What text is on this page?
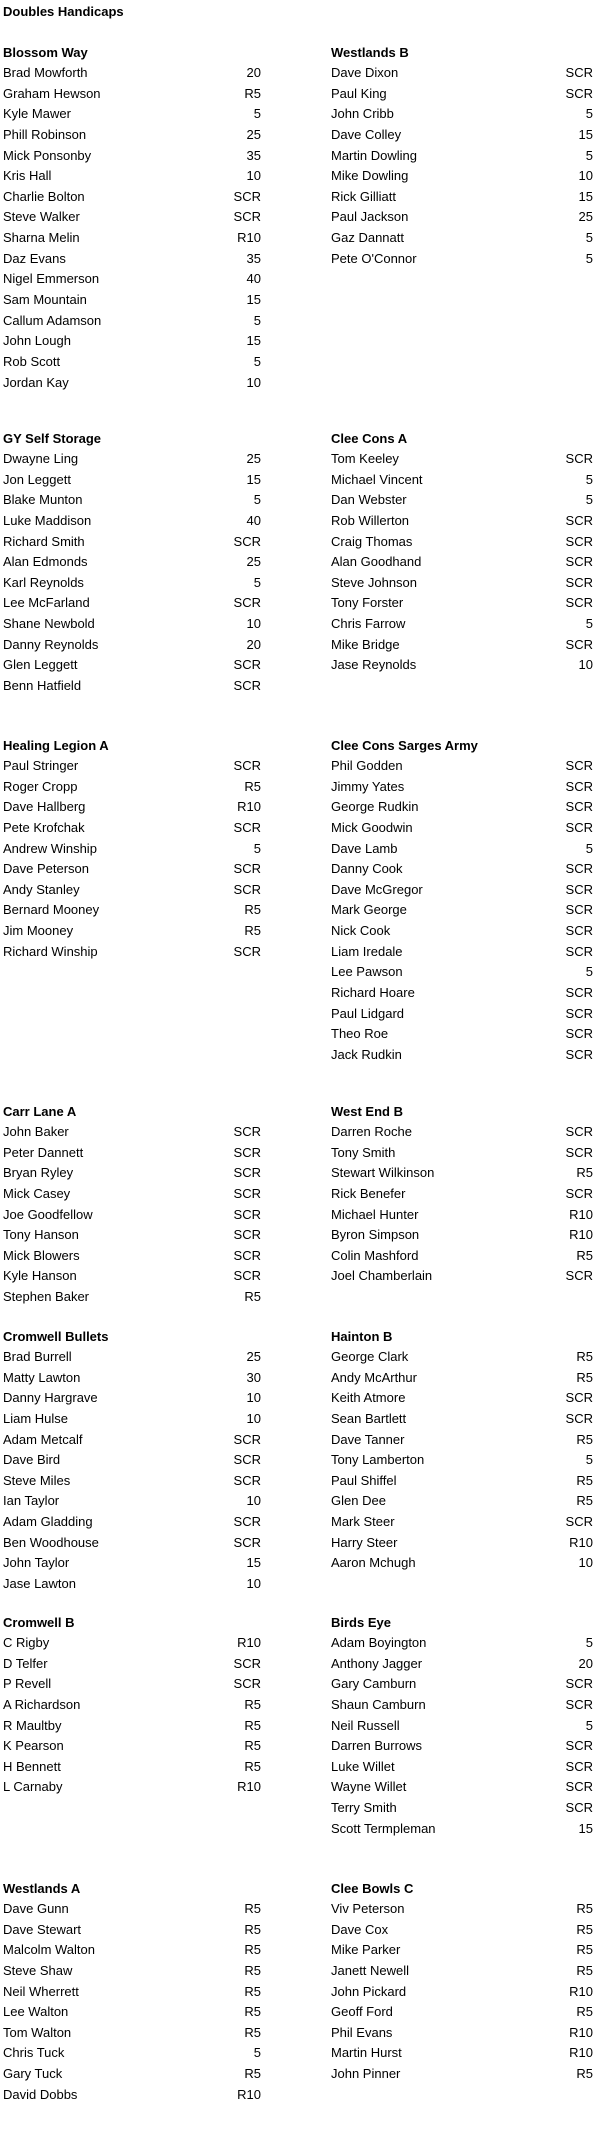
Doubles Handicaps
Blossom Way
Brad Mowforth	20
Graham Hewson	R5
Kyle Mawer	5
Phill Robinson	25
Mick Ponsonby	35
Kris Hall	10
Charlie Bolton	SCR
Steve Walker	SCR
Sharna Melin	R10
Daz Evans	35
Nigel Emmerson	40
Sam Mountain	15
Callum Adamson	5
John Lough	15
Rob Scott	5
Jordan Kay	10
Westlands B
Dave Dixon	SCR
Paul King	SCR
John Cribb	5
Dave Colley	15
Martin Dowling	5
Mike Dowling	10
Rick Gilliatt	15
Paul Jackson	25
Gaz Dannatt	5
Pete O'Connor	5
GY Self Storage
Dwayne Ling	25
Jon Leggett	15
Blake Munton	5
Luke Maddison	40
Richard Smith	SCR
Alan Edmonds	25
Karl Reynolds	5
Lee McFarland	SCR
Shane Newbold	10
Danny Reynolds	20
Glen Leggett	SCR
Benn Hatfield	SCR
Clee Cons A
Tom Keeley	SCR
Michael Vincent	5
Dan Webster	5
Rob Willerton	SCR
Craig Thomas	SCR
Alan Goodhand	SCR
Steve Johnson	SCR
Tony Forster	SCR
Chris Farrow	5
Mike Bridge	SCR
Jase Reynolds	10
Healing Legion A
Paul Stringer	SCR
Roger Cropp	R5
Dave Hallberg	R10
Pete Krofchak	SCR
Andrew Winship	5
Dave Peterson	SCR
Andy Stanley	SCR
Bernard Mooney	R5
Jim Mooney	R5
Richard Winship	SCR
Clee Cons Sarges Army
Phil Godden	SCR
Jimmy Yates	SCR
George Rudkin	SCR
Mick Goodwin	SCR
Dave Lamb	5
Danny Cook	SCR
Dave McGregor	SCR
Mark George	SCR
Nick Cook	SCR
Liam Iredale	SCR
Lee Pawson	5
Richard Hoare	SCR
Paul Lidgard	SCR
Theo Roe	SCR
Jack Rudkin	SCR
Carr Lane A
John Baker	SCR
Peter Dannett	SCR
Bryan Ryley	SCR
Mick Casey	SCR
Joe Goodfellow	SCR
Tony Hanson	SCR
Mick Blowers	SCR
Kyle Hanson	SCR
Stephen Baker	R5
West End B
Darren Roche	SCR
Tony Smith	SCR
Stewart Wilkinson	R5
Rick Benefer	SCR
Michael Hunter	R10
Byron Simpson	R10
Colin Mashford	R5
Joel Chamberlain	SCR
Cromwell Bullets
Brad Burrell	25
Matty Lawton	30
Danny Hargrave	10
Liam Hulse	10
Adam Metcalf	SCR
Dave Bird	SCR
Steve Miles	SCR
Ian Taylor	10
Adam Gladding	SCR
Ben Woodhouse	SCR
John Taylor	15
Jase Lawton	10
Hainton B
George Clark	R5
Andy McArthur	R5
Keith Atmore	SCR
Sean Bartlett	SCR
Dave Tanner	R5
Tony Lamberton	5
Paul Shiffel	R5
Glen Dee	R5
Mark Steer	SCR
Harry Steer	R10
Aaron Mchugh	10
Cromwell B
C Rigby	R10
D Telfer	SCR
P Revell	SCR
A Richardson	R5
R Maultby	R5
K Pearson	R5
H Bennett	R5
L Carnaby	R10
Birds Eye
Adam Boyington	5
Anthony Jagger	20
Gary Camburn	SCR
Shaun Camburn	SCR
Neil Russell	5
Darren Burrows	SCR
Luke Willet	SCR
Wayne Willet	SCR
Terry Smith	SCR
Scott Termpleman	15
Westlands A
Dave Gunn	R5
Dave Stewart	R5
Malcolm Walton	R5
Steve Shaw	R5
Neil Wherrett	R5
Lee Walton	R5
Tom Walton	R5
Chris Tuck	5
Gary Tuck	R5
David Dobbs	R10
Clee Bowls C
Viv Peterson	R5
Dave Cox	R5
Mike Parker	R5
Janett Newell	R5
John Pickard	R10
Geoff Ford	R5
Phil Evans	R10
Martin Hurst	R10
John Pinner	R5
